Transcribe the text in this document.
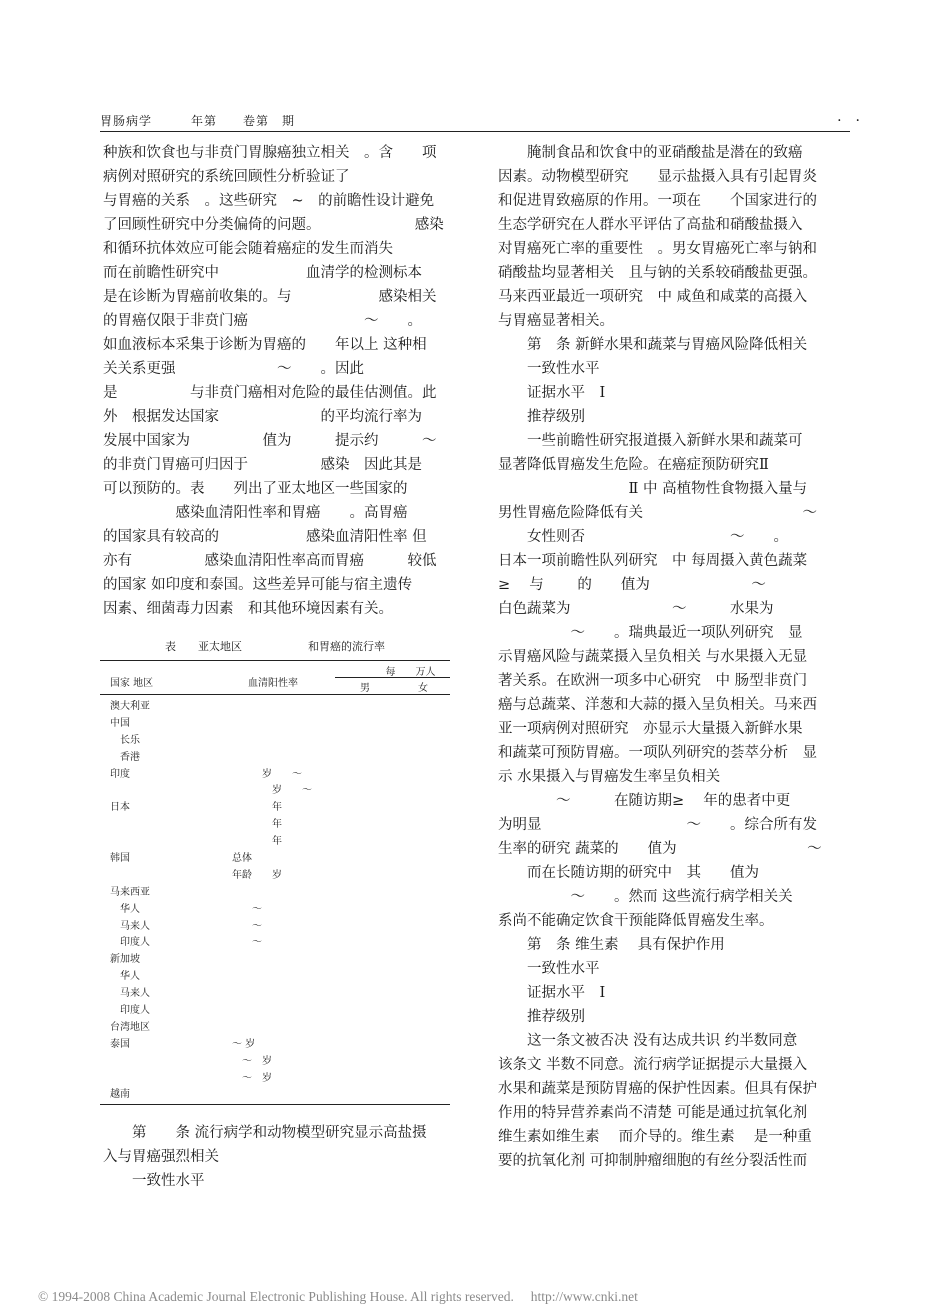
胃肠病学　　　年第　　卷第　期	·　·
种族和饮食也与非贲门胃腺癌独立相关　。含　　项
病例对照研究的系统回顾性分析验证了
与胃癌的关系　。这些研究　~　的前瞻性设计避免
了回顾性研究中分类偏倚的问题。　　　　　　　感染
和循环抗体效应可能会随着癌症的发生而消失
而在前瞻性研究中　　　　　　血清学的检测标本
是在诊断为胃癌前收集的。与　　　　　　感染相关
的胃癌仅限于非贲门癌　　　　　　　　～　　。
如血液标本采集于诊断为胃癌的　　年以上 这种相
关关系更强　　　　　　　～　　。因此
是　　　　　与非贲门癌相对危险的最佳估测值。此
外　根据发达国家　　　　　　　的平均流行率为
发展中国家为　　　　　值为　　　提示约　　　～
的非贲门胃癌可归因于　　　　　感染　因此其是
可以预防的。表　　列出了亚太地区一些国家的
　　　　　感染血清阳性率和胃癌　　。高胃癌
的国家具有较高的　　　　　　感染血清阳性率 但
亦有　　　　　感染血清阳性率高而胃癌　　　较低
的国家 如印度和泰国。这些差异可能与宿主遗传
因素、细菌毒力因素　和其他环境因素有关。
第　　条 流行病学和动物模型研究显示高盐摄
入与胃癌强烈相关
一致性水平
表　　亚太地区　　　　　　和胃癌的流行率
国家 地区	血清阳性率
每　　万人
男	女
澳大利亚
中国
长乐
香港
印度	　　　　岁　　～
　　　　　岁　　～
日本	　　　　　年
　　　　　年
　　　　　年
韩国	　总体
　年龄　　岁
马来西亚
华人	　　　～
马来人	　　　～
印度人	　　　～
新加坡
华人
马来人
印度人
台湾地区
泰国	　～ 岁
　　～　岁
　　～　岁
越南
腌制食品和饮食中的亚硝酸盐是潜在的致癌
因素。动物模型研究　　显示盐摄入具有引起胃炎
和促进胃致癌原的作用。一项在　　个国家进行的
生态学研究在人群水平评估了高盐和硝酸盐摄入
对胃癌死亡率的重要性　。男女胃癌死亡率与钠和
硝酸盐均显著相关　且与钠的关系较硝酸盐更强。
马来西亚最近一项研究　中 咸鱼和咸菜的高摄入
与胃癌显著相关。
第　条 新鲜水果和蔬菜与胃癌风险降低相关
一致性水平
证据水平　Ⅰ
推荐级别
一些前瞻性研究报道摄入新鲜水果和蔬菜可
显著降低胃癌发生危险。在癌症预防研究Ⅱ
　　　　　　　　　Ⅱ 中 高植物性食物摄入量与
男性胃癌危险降低有关　　　　　　　　　　　～
　　女性则否　　　　　　　　　　～　　。
日本一项前瞻性队列研究　中 每周摄入黄色蔬菜
≥　 与　　 的　　值为　　　　　　　～
白色蔬菜为　　　　　　　～　　　水果为
　　　　　～　　。瑞典最近一项队列研究　显
示胃癌风险与蔬菜摄入呈负相关 与水果摄入无显
著关系。在欧洲一项多中心研究　中 肠型非贲门
癌与总蔬菜、洋葱和大蒜的摄入呈负相关。马来西
亚一项病例对照研究　亦显示大量摄入新鲜水果
和蔬菜可预防胃癌。一项队列研究的荟萃分析　显
示 水果摄入与胃癌发生率呈负相关
　　　　～　　　在随访期≥　 年的患者中更
为明显　　　　　　　　　　～　　。综合所有发
生率的研究 蔬菜的　　值为　　　　　　　　　～
　　而在长随访期的研究中　其　　值为
　　　　　～　　。然而 这些流行病学相关关
系尚不能确定饮食干预能降低胃癌发生率。
第　条 维生素　 具有保护作用
一致性水平
证据水平　Ⅰ
推荐级别
这一条文被否决 没有达成共识 约半数同意
该条文 半数不同意。流行病学证据提示大量摄入
水果和蔬菜是预防胃癌的保护性因素。但具有保护
作用的特异营养素尚不清楚 可能是通过抗氧化剂
维生素如维生素　 而介导的。维生素　 是一种重
要的抗氧化剂 可抑制肿瘤细胞的有丝分裂活性而
© 1994-2008 China Academic Journal Electronic Publishing House. All rights reserved.　 http://www.cnki.net
